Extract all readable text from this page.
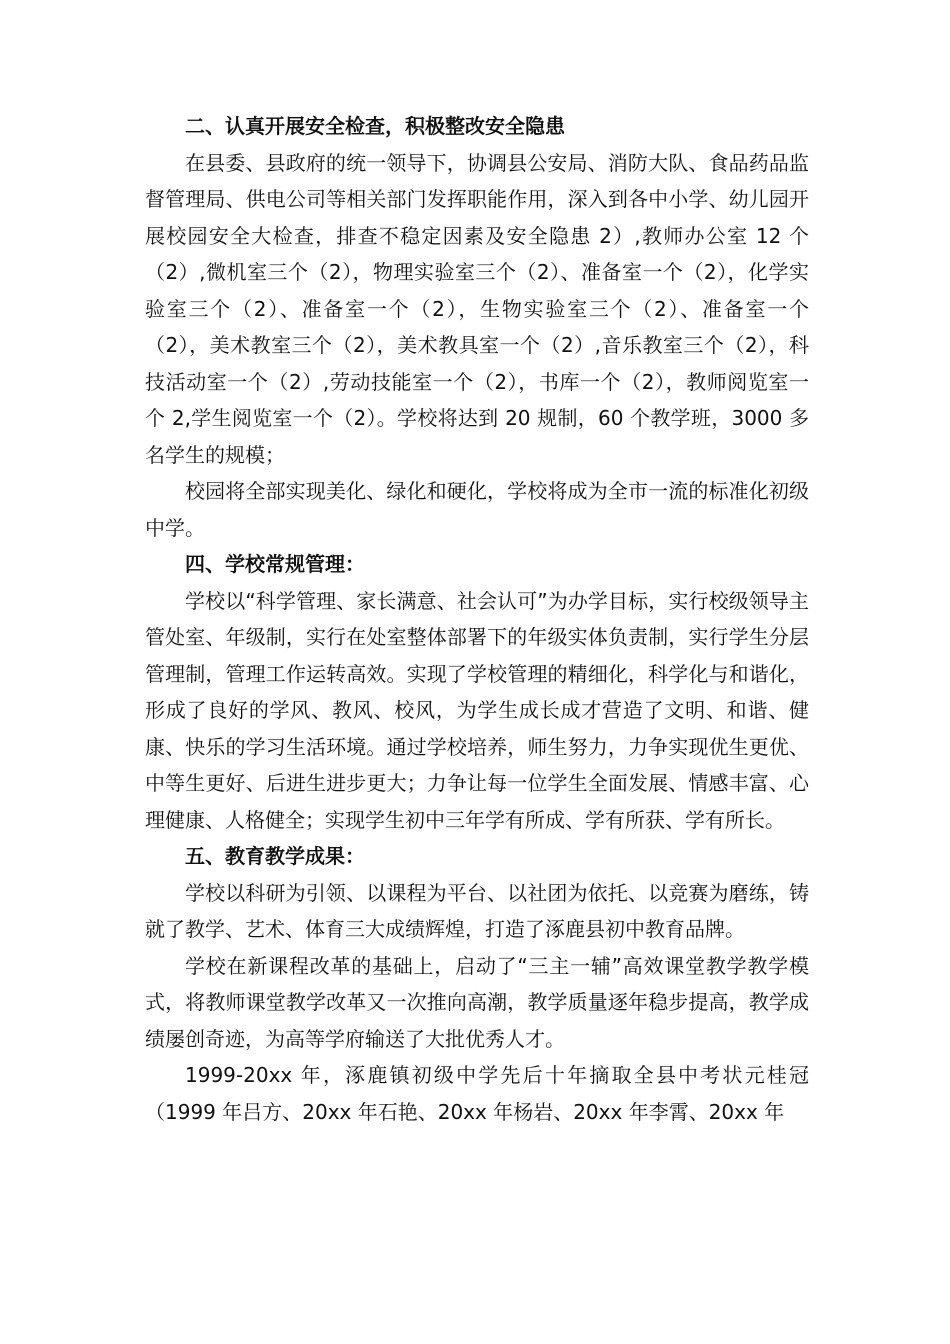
二、认真开展安全检查，积极整改安全隐患

在县委、县政府的统一领导下，协调县公安局、消防大队、食品药品监督管理局、供电公司等相关部门发挥职能作用，深入到各中小学、幼儿园开展校园安全大检查，排查不稳定因素及安全隐患 2）,教师办公室 12 个（2）,微机室三个（2），物理实验室三个（2）、准备室一个（2），化学实验室三个（2）、准备室一个（2），生物实验室三个（2）、准备室一个（2），美术教室三个（2），美术教具室一个（2）,音乐教室三个（2），科技活动室一个（2）,劳动技能室一个（2），书库一个（2），教师阅览室一个 2,学生阅览室一个（2）。学校将达到 20 规制，60 个教学班，3000 多名学生的规模；

校园将全部实现美化、绿化和硬化，学校将成为全市一流的标准化初级中学。

四、学校常规管理：

学校以“科学管理、家长满意、社会认可”为办学目标，实行校级领导主管处室、年级制，实行在处室整体部署下的年级实体负责制，实行学生分层管理制，管理工作运转高效。实现了学校管理的精细化，科学化与和谐化，形成了良好的学风、教风、校风，为学生成长成才营造了文明、和谐、健康、快乐的学习生活环境。通过学校培养，师生努力，力争实现优生更优、中等生更好、后进生进步更大；力争让每一位学生全面发展、情感丰富、心理健康、人格健全；实现学生初中三年学有所成、学有所获、学有所长。

五、教育教学成果：

学校以科研为引领、以课程为平台、以社团为依托、以竞赛为磨练，铸就了教学、艺术、体育三大成绩辉煌，打造了涿鹿县初中教育品牌。

学校在新课程改革的基础上，启动了“三主一辅”高效课堂教学教学模式，将教师课堂教学改革又一次推向高潮，教学质量逐年稳步提高，教学成绩屡创奇迹，为高等学府输送了大批优秀人才。

1999-20xx 年，涿鹿镇初级中学先后十年摘取全县中考状元桂冠（1999 年吕方、20xx 年石艳、20xx 年杨岩、20xx 年李霄、20xx 年
